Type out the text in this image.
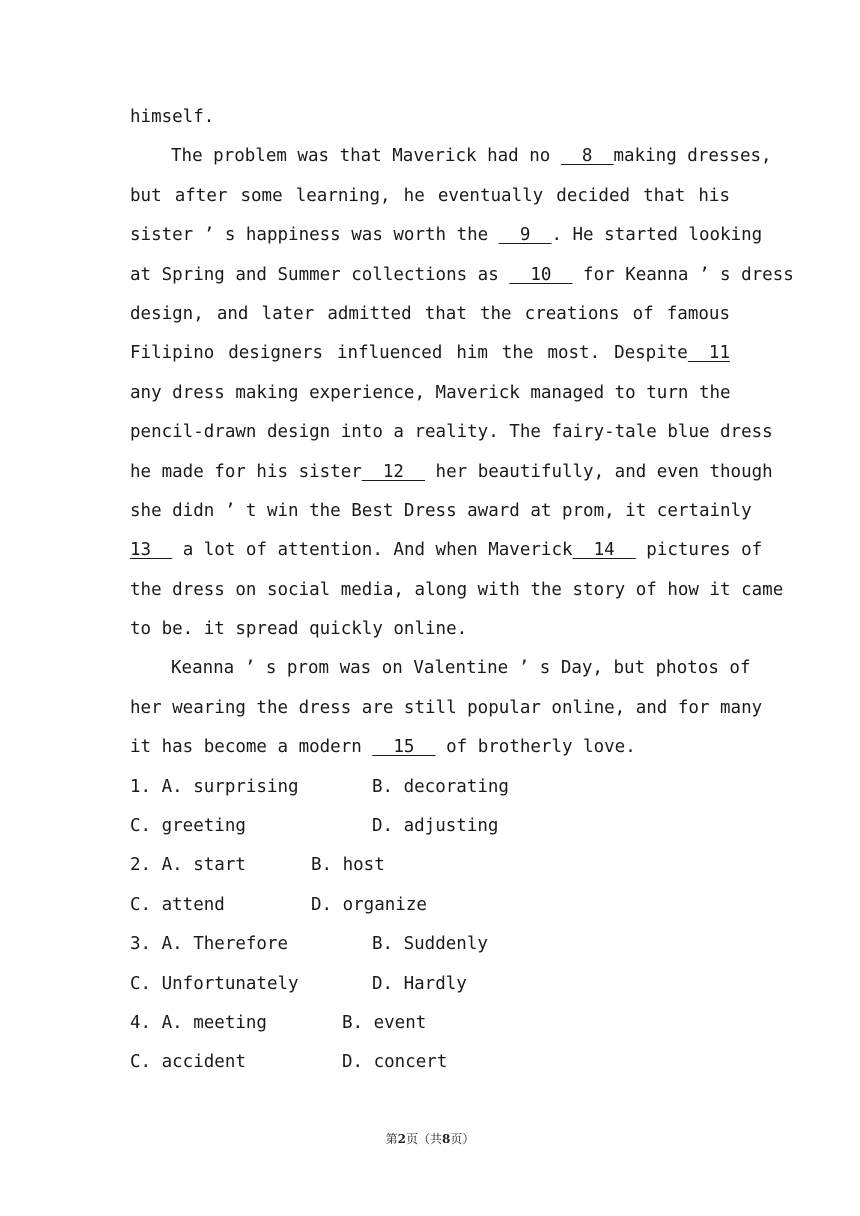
himself.
The problem was that Maverick had no   8  making dresses,
but after some learning, he eventually decided that his
sister ’ s happiness was worth the   9  . He started looking
at Spring and Summer collections as   10   for Keanna ’ s dress
design, and later admitted that the creations of famous
Filipino designers influenced him the most. Despite  11
any dress making experience, Maverick managed to turn the
pencil-drawn design into a reality. The fairy-tale blue dress
he made for his sister  12   her beautifully, and even though
she didn ’ t win the Best Dress award at prom, it certainly
13   a lot of attention. And when Maverick  14   pictures of
the dress on social media, along with the story of how it came
to be. it spread quickly online.
Keanna ’ s prom was on Valentine ’ s Day, but photos of
her wearing the dress are still popular online, and for many
it has become a modern   15   of brotherly love.
1. A. surprising	B. decorating
C. greeting	D. adjusting
2. A. start	B. host
C. attend	D. organize
3. A. Therefore	B. Suddenly
C. Unfortunately	D. Hardly
4. A. meeting	B. event
C. accident	D. concert
第2页（共8页）
